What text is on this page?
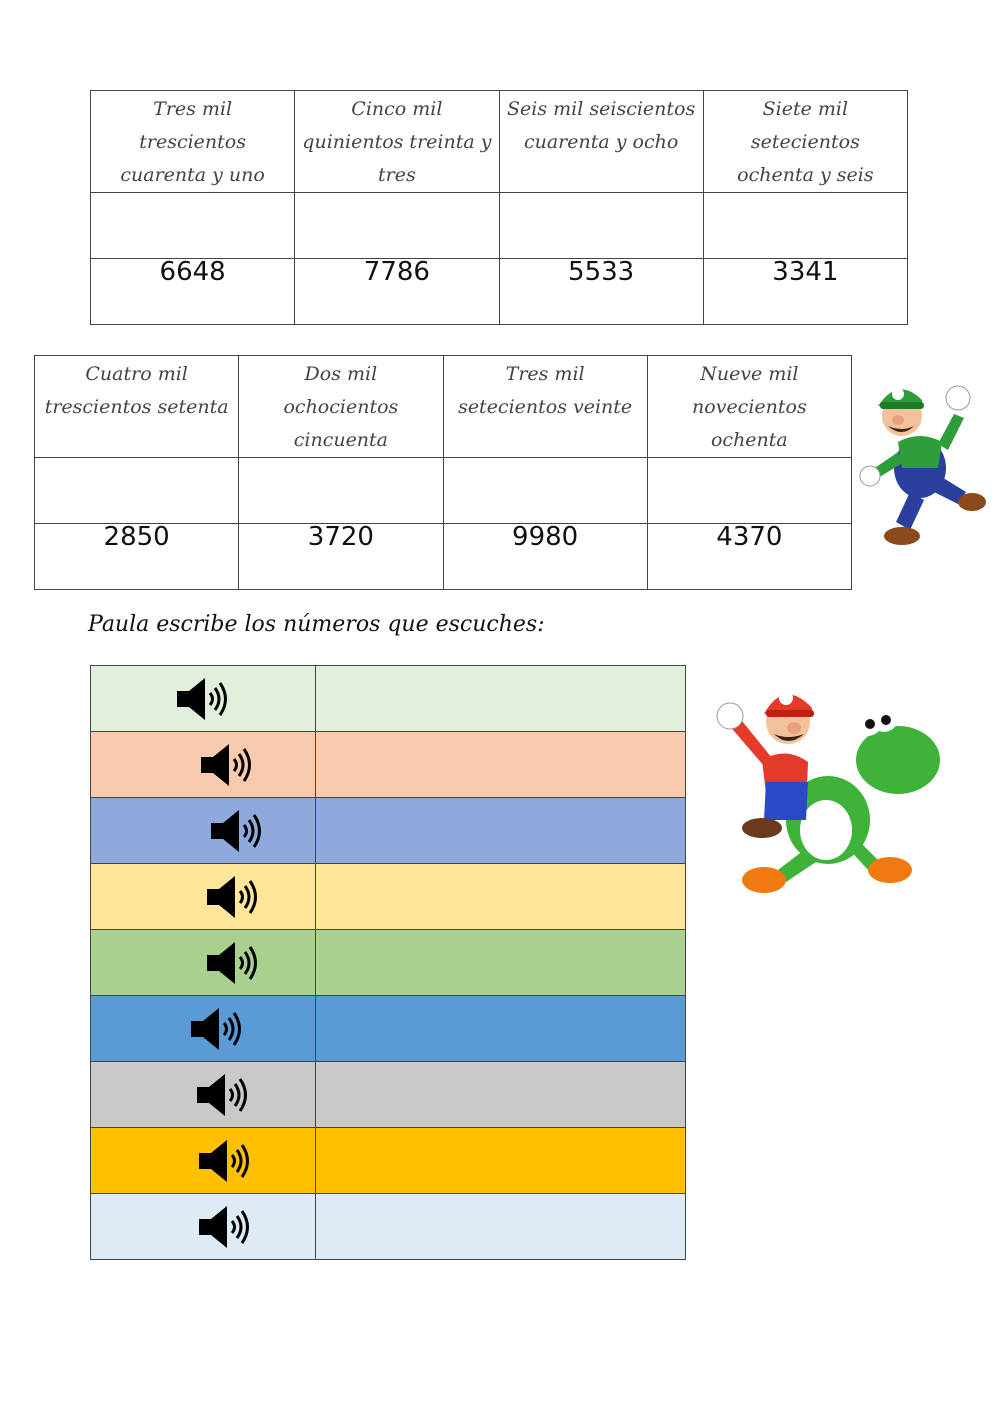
Tres mil trescientos cuarenta y uno	Cinco mil quinientos treinta y tres	Seis mil seiscientos cuarenta y ocho	Siete mil setecientos ochenta y seis

6648	7786	5533	3341
Cuatro mil trescientos setenta	Dos mil ochocientos cincuenta	Tres mil setecientos veinte	Nueve mil novecientos ochenta

2850	3720	9980	4370
Paula escribe los números que escuches:
